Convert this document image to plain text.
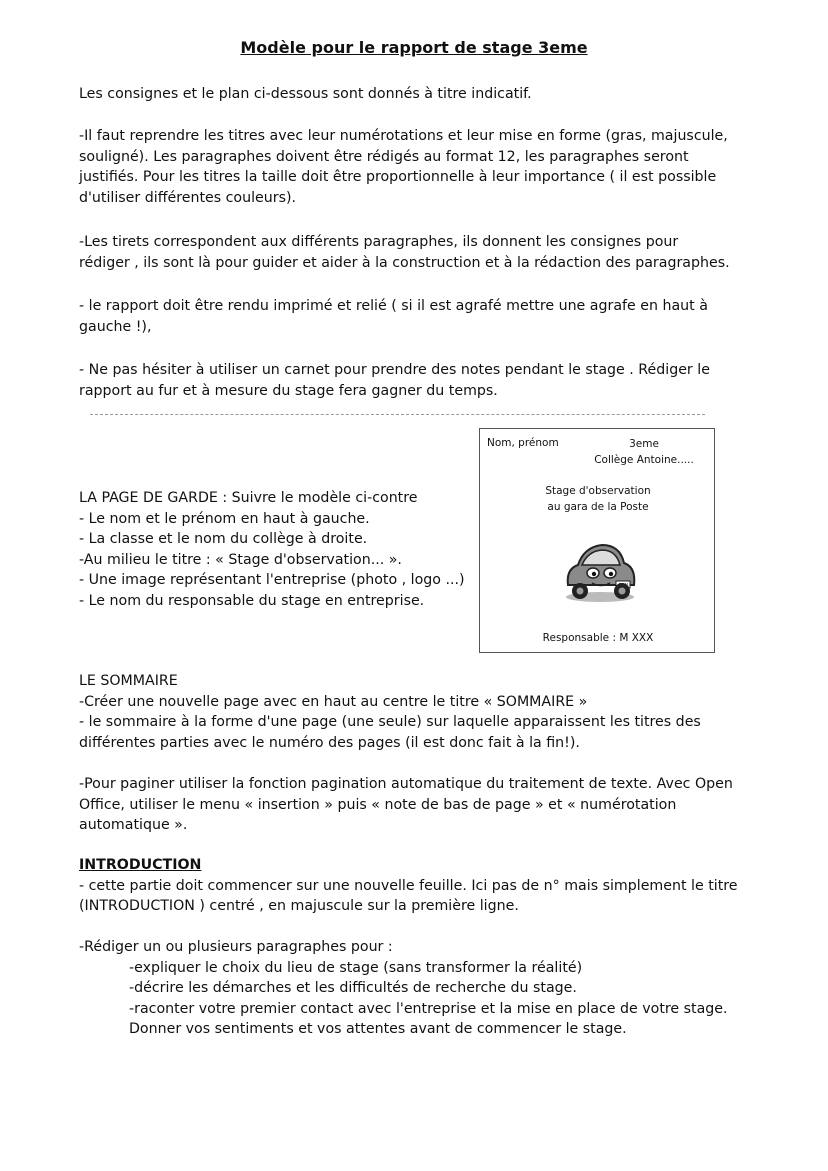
Modèle pour le rapport de stage 3eme
Les consignes et le plan ci-dessous sont donnés à titre indicatif.
-Il faut reprendre les titres avec leur numérotations et leur mise en forme (gras, majuscule,
souligné). Les paragraphes doivent être rédigés au format 12, les paragraphes seront
justifiés. Pour les titres la taille doit être proportionnelle à leur importance ( il est possible
d'utiliser différentes couleurs).
-Les tirets correspondent aux différents paragraphes, ils donnent les consignes pour
rédiger , ils sont là pour guider et aider à la construction et à la rédaction des paragraphes.
- le rapport doit être rendu imprimé et relié ( si il est agrafé mettre une agrafe en haut à
gauche !),
- Ne pas hésiter à utiliser un carnet pour prendre des notes pendant le stage . Rédiger le
rapport au fur et à mesure du stage fera gagner du temps.
Nom, prénom	3eme
Collège Antoine.....
Stage d'observation
au gara de la Poste
Responsable : M XXX
LA PAGE DE GARDE : Suivre le modèle ci-contre
- Le nom et le prénom en haut à gauche.
- La classe et le nom du collège à droite.
-Au milieu le titre : « Stage d'observation... ».
- Une image représentant l'entreprise (photo , logo ...)
- Le nom du responsable du stage en entreprise.
LE SOMMAIRE
-Créer une nouvelle page avec en haut au centre le titre « SOMMAIRE »
- le sommaire à la forme d'une page (une seule) sur laquelle apparaissent les titres des
différentes parties avec le numéro des pages (il est donc fait à la fin!).
-Pour paginer utiliser la fonction pagination automatique du traitement de texte. Avec Open
Office, utiliser le menu « insertion » puis « note de bas de page » et « numérotation
automatique ».
INTRODUCTION
- cette partie doit commencer sur une nouvelle feuille. Ici pas de n° mais simplement le titre
(INTRODUCTION ) centré , en majuscule sur la première ligne.
-Rédiger un ou plusieurs paragraphes pour :
-expliquer le choix du lieu de stage (sans transformer la réalité)
-décrire les démarches et les difficultés de recherche du stage.
-raconter votre premier contact avec l'entreprise et la mise en place de votre stage.
Donner vos sentiments et vos attentes avant de commencer le stage.
